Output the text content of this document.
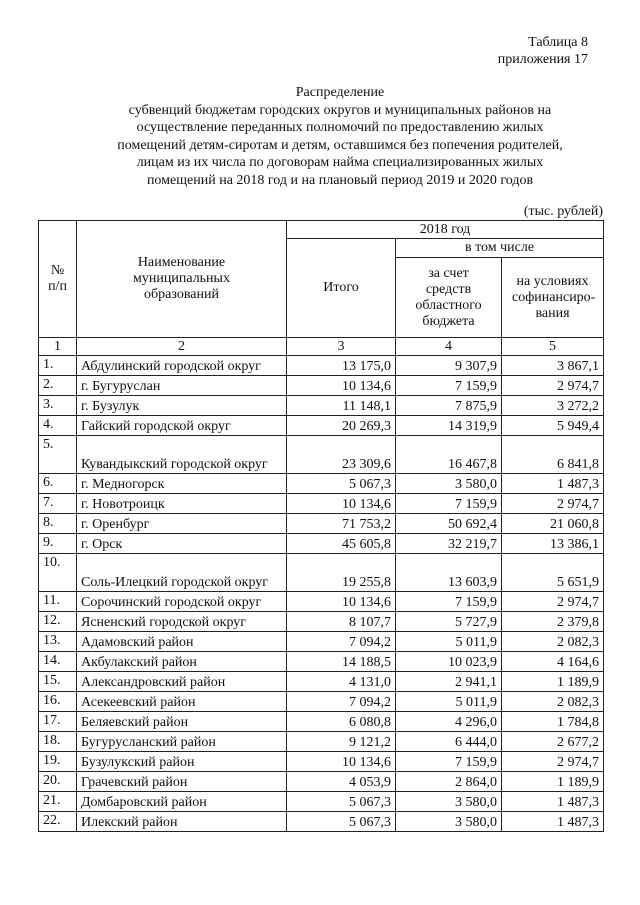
Таблица 8
приложения 17
Распределение
субвенций бюджетам городских округов и муниципальных районов на
осуществление переданных полномочий по предоставлению жилых
помещений детям-сиротам и детям, оставшимся без попечения родителей,
лицам из их числа по договорам найма специализированных жилых
помещений на 2018 год и на плановый период 2019 и 2020 годов
(тыс. рублей)
№ п/п	Наименование муниципальных образований	2018 год		
		Итого	в том числе	
			за счет средств областного бюджета	на условиях софинансиро-вания
1	2	3	4	5
1.	Абдулинский городской округ	13 175,0	9 307,9	3 867,1
2.	г. Бугуруслан	10 134,6	7 159,9	2 974,7
3.	г. Бузулук	11 148,1	7 875,9	3 272,2
4.	Гайский городской округ	20 269,3	14 319,9	5 949,4
5.	Кувандыкский городской округ	23 309,6	16 467,8	6 841,8
6.	г. Медногорск	5 067,3	3 580,0	1 487,3
7.	г. Новотроицк	10 134,6	7 159,9	2 974,7
8.	г. Оренбург	71 753,2	50 692,4	21 060,8
9.	г. Орск	45 605,8	32 219,7	13 386,1
10.	Соль-Илецкий городской округ	19 255,8	13 603,9	5 651,9
11.	Сорочинский городской округ	10 134,6	7 159,9	2 974,7
12.	Ясненский городской округ	8 107,7	5 727,9	2 379,8
13.	Адамовский район	7 094,2	5 011,9	2 082,3
14.	Акбулакский район	14 188,5	10 023,9	4 164,6
15.	Александровский район	4 131,0	2 941,1	1 189,9
16.	Асекеевский район	7 094,2	5 011,9	2 082,3
17.	Беляевский район	6 080,8	4 296,0	1 784,8
18.	Бугурусланский район	9 121,2	6 444,0	2 677,2
19.	Бузулукский район	10 134,6	7 159,9	2 974,7
20.	Грачевский район	4 053,9	2 864,0	1 189,9
21.	Домбаровский район	5 067,3	3 580,0	1 487,3
22.	Илекский район	5 067,3	3 580,0	1 487,3
